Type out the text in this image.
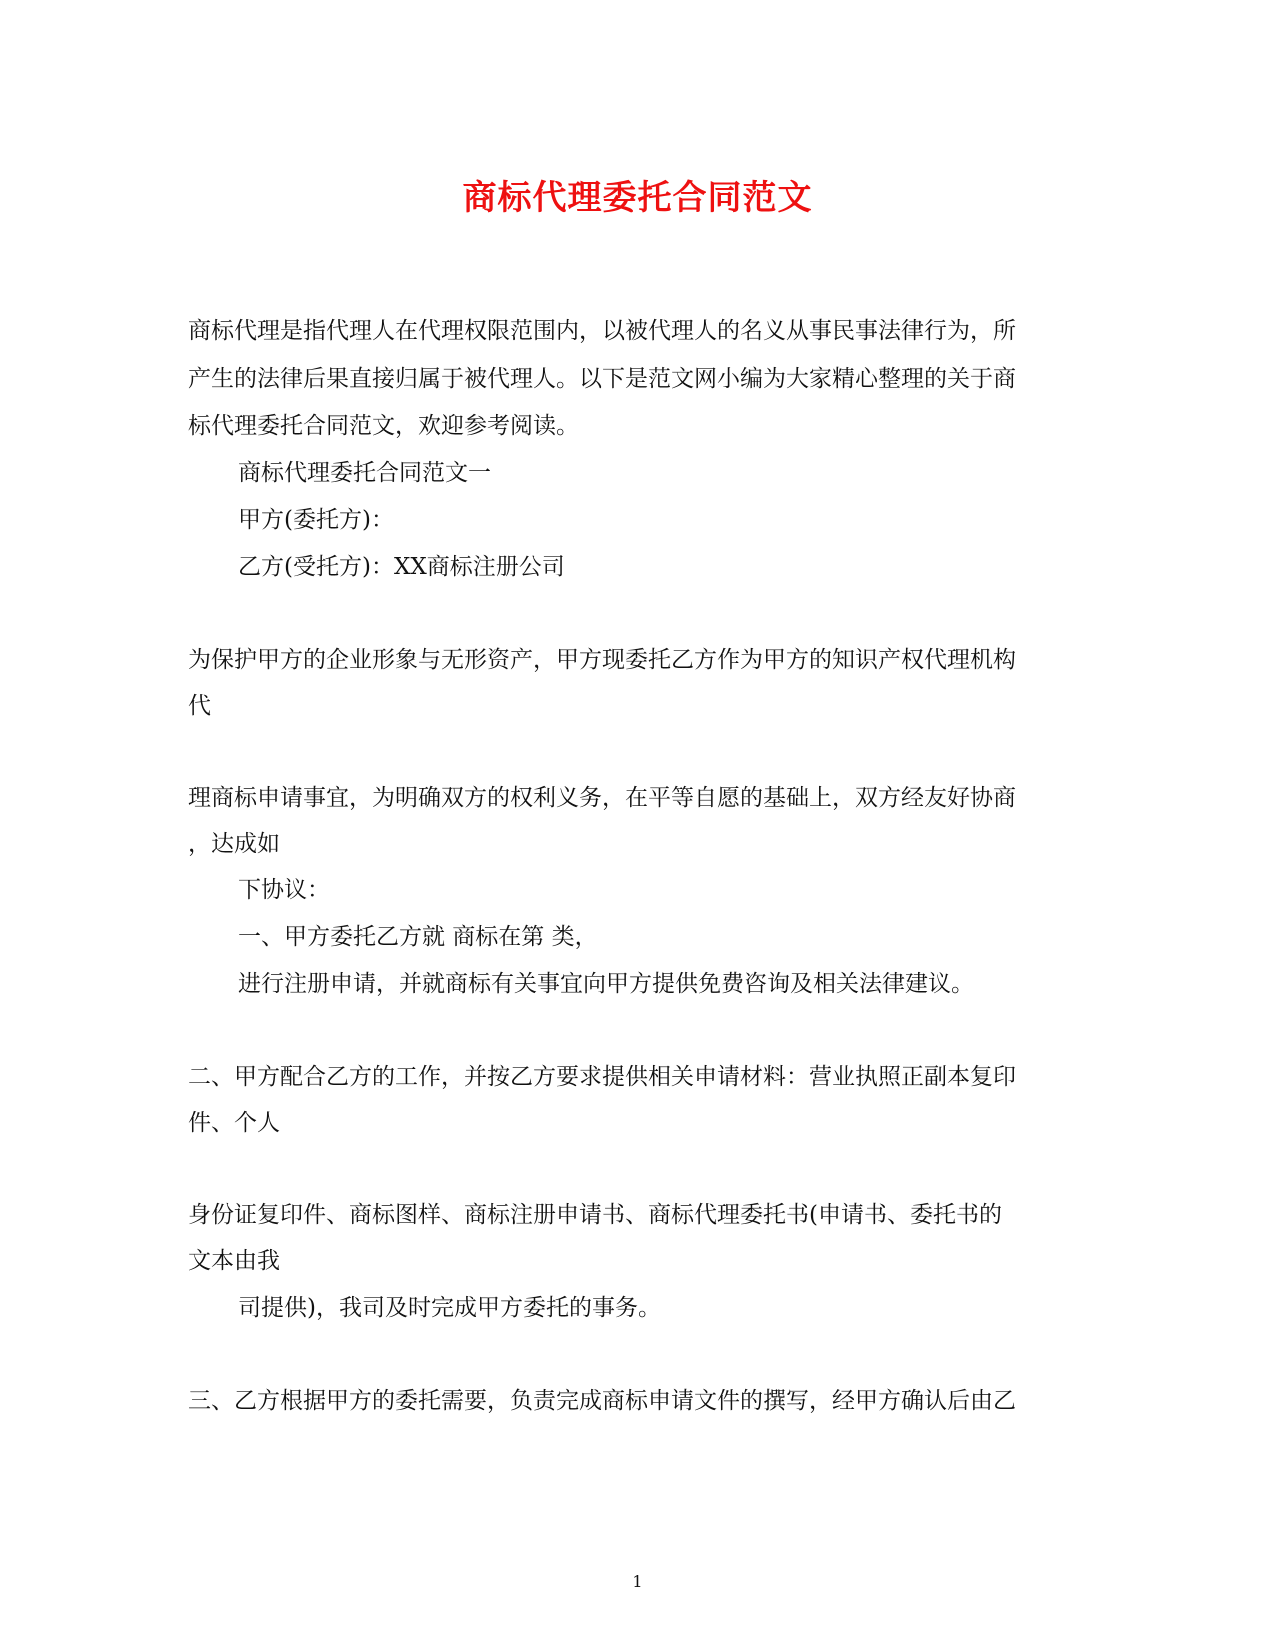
商标代理委托合同范文
商标代理是指代理人在代理权限范围内，以被代理人的名义从事民事法律行为，所
产生的法律后果直接归属于被代理人。以下是范文网小编为大家精心整理的关于商
标代理委托合同范文，欢迎参考阅读。
商标代理委托合同范文一
甲方(委托方)：
乙方(受托方)：XX商标注册公司
为保护甲方的企业形象与无形资产，甲方现委托乙方作为甲方的知识产权代理机构
代
理商标申请事宜，为明确双方的权利义务，在平等自愿的基础上，双方经友好协商
，达成如
下协议：
一、甲方委托乙方就 商标在第 类，
进行注册申请，并就商标有关事宜向甲方提供免费咨询及相关法律建议。
二、甲方配合乙方的工作，并按乙方要求提供相关申请材料：营业执照正副本复印
件、个人
身份证复印件、商标图样、商标注册申请书、商标代理委托书(申请书、委托书的
文本由我
司提供)，我司及时完成甲方委托的事务。
三、乙方根据甲方的委托需要，负责完成商标申请文件的撰写，经甲方确认后由乙
1
